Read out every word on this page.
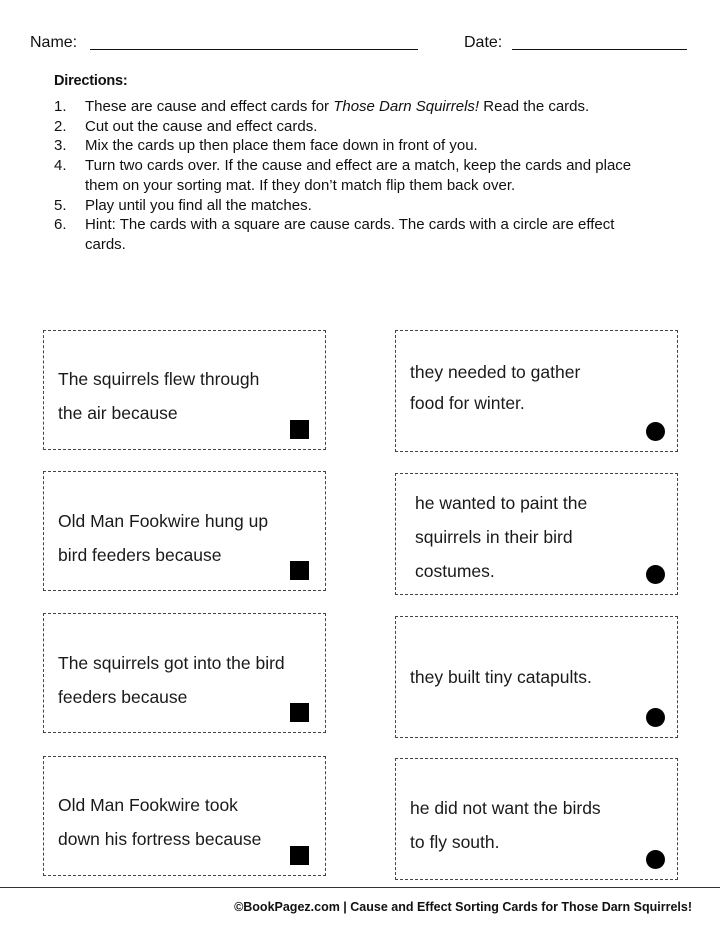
Name:	Date:
Directions:
1. These are cause and effect cards for Those Darn Squirrels! Read the cards.
2. Cut out the cause and effect cards.
3. Mix the cards up then place them face down in front of you.
4. Turn two cards over. If the cause and effect are a match, keep the cards and place them on your sorting mat. If they don’t match flip them back over.
5. Play until you find all the matches.
6. Hint: The cards with a square are cause cards. The cards with a circle are effect cards.
The squirrels flew through
the air because
Old Man Fookwire hung up
bird feeders because
The squirrels got into the bird
feeders because
Old Man Fookwire took
down his fortress because
they needed to gather
food for winter.
he wanted to paint the
squirrels in their bird
costumes.
they built tiny catapults.
he did not want the birds
to fly south.
©BookPagez.com | Cause and Effect Sorting Cards for Those Darn Squirrels!
